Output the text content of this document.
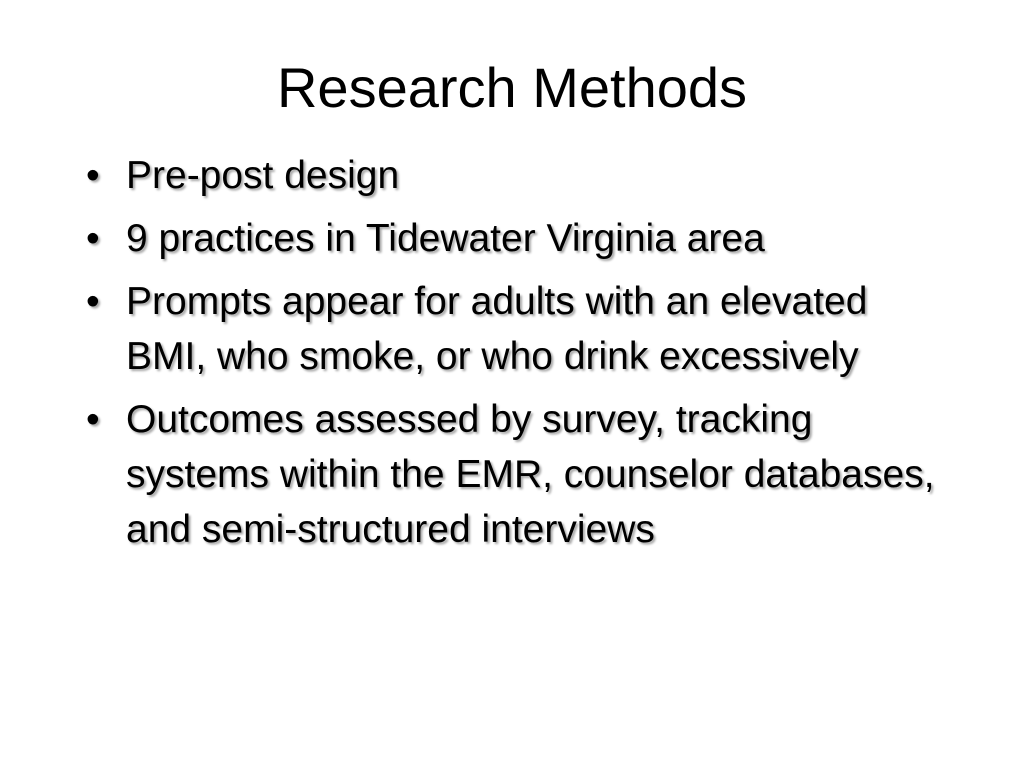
Research Methods
• Pre-post design
• 9 practices in Tidewater Virginia area
• Prompts appear for adults with an elevated BMI, who smoke, or who drink excessively
• Outcomes assessed by survey, tracking systems within the EMR, counselor databases, and semi-structured interviews
